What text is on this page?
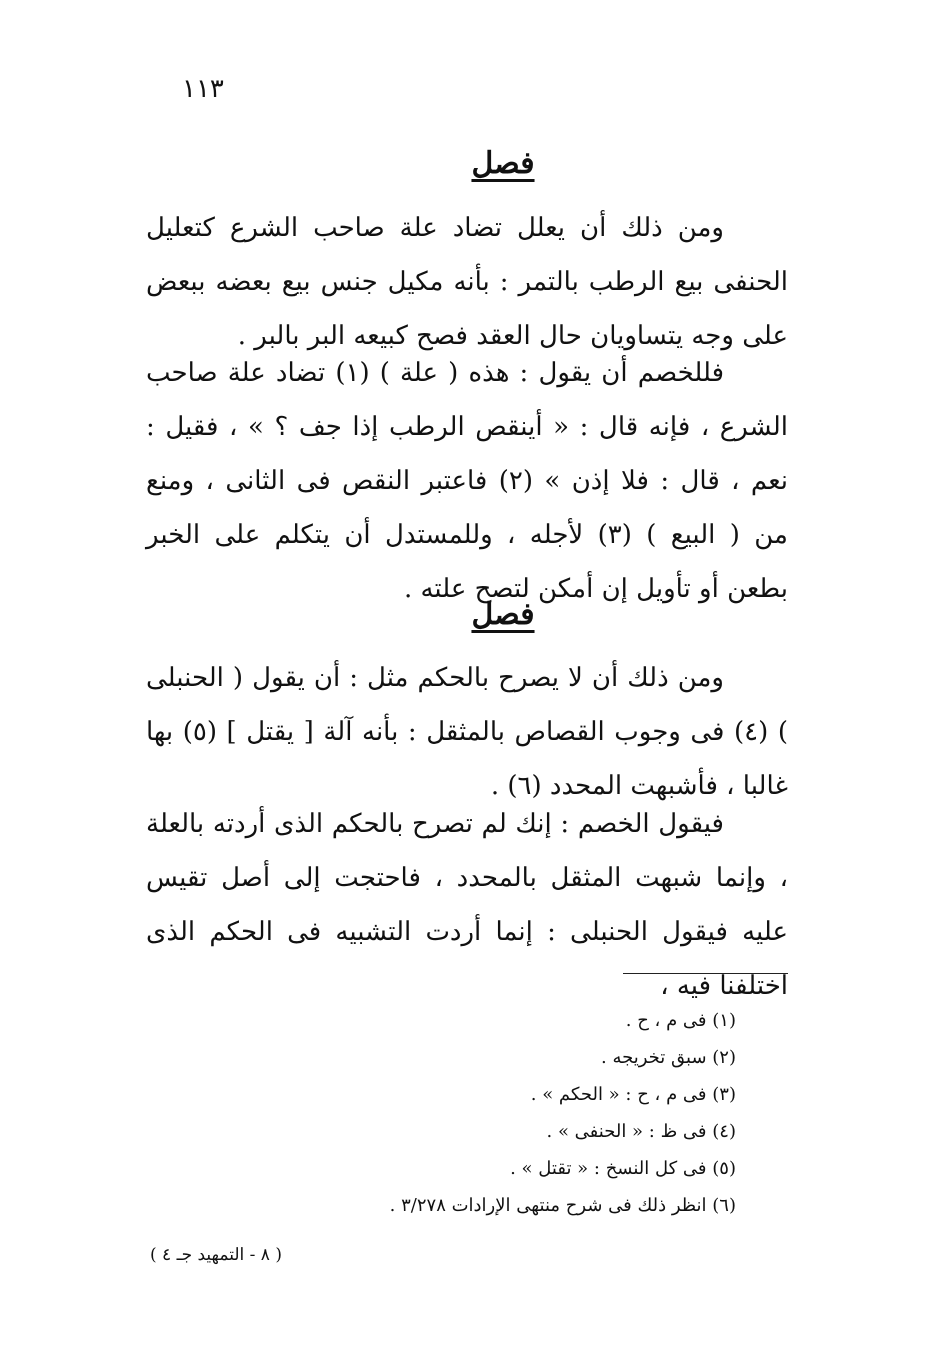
١١٣
فصل

ومن ذلك أن يعلل تضاد علة صاحب الشرع كتعليل الحنفى بيع الرطب بالتمر : بأنه مكيل جنس بيع بعضه ببعض على وجه يتساويان حال العقد فصح كبيعه البر بالبر .

فللخصم أن يقول : هذه ( علة ) (١) تضاد علة صاحب الشرع ، فإنه قال : « أينقص الرطب إذا جف ؟ » ، فقيل : نعم ، قال : فلا إذن » (٢) فاعتبر النقص فى الثانى ، ومنع من ( البيع ) (٣) لأجله ، وللمستدل أن يتكلم على الخبر بطعن أو تأويل إن أمكن لتصح علته .

فصل

ومن ذلك أن لا يصرح بالحكم مثل : أن يقول ( الحنبلى ) (٤) فى وجوب القصاص بالمثقل : بأنه آلة [ يقتل ] (٥) بها غالبا ، فأشبهت المحدد (٦) .

فيقول الخصم : إنك لم تصرح بالحكم الذى أردته بالعلة ، وإنما شبهت المثقل بالمحدد ، فاحتجت إلى أصل تقيس عليه فيقول الحنبلى : إنما أردت التشبيه فى الحكم الذى اختلفنا فيه ،

(١) فى م ، ح .
(٢) سبق تخريجه .
(٣) فى م ، ح : « الحكم » .
(٤) فى ظ : « الحنفى » .
(٥) فى كل النسخ : « تقتل » .
(٦) انظر ذلك فى شرح منتهى الإرادات ٣/٢٧٨ .
( ٨ - التمهيد جـ ٤ )
